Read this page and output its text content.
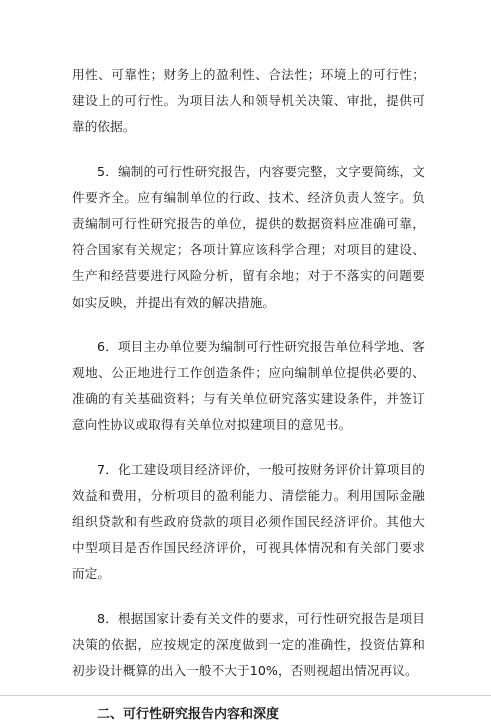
用性、可靠性；财务上的盈利性、合法性；环境上的可行性；建设上的可行性。为项目法人和领导机关决策、审批，提供可靠的依据。

5．编制的可行性研究报告，内容要完整，文字要简练，文件要齐全。应有编制单位的行政、技术、经济负责人签字。负责编制可行性研究报告的单位，提供的数据资料应准确可靠，符合国家有关规定；各项计算应该科学合理；对项目的建设、生产和经营要进行风险分析，留有余地；对于不落实的问题要如实反映，并提出有效的解决措施。

6．项目主办单位要为编制可行性研究报告单位科学地、客观地、公正地进行工作创造条件；应向编制单位提供必要的、准确的有关基础资料；与有关单位研究落实建设条件，并签订意向性协议或取得有关单位对拟建项目的意见书。

7．化工建设项目经济评价，一般可按财务评价计算项目的效益和费用，分析项目的盈利能力、清偿能力。利用国际金融组织贷款和有些政府贷款的项目必须作国民经济评价。其他大中型项目是否作国民经济评价，可视具体情况和有关部门要求而定。

8．根据国家计委有关文件的要求，可行性研究报告是项目决策的依据，应按规定的深度做到一定的准确性，投资估算和初步设计概算的出入一般不大于10%，否则视超出情况再议。

二、可行性研究报告内容和深度
